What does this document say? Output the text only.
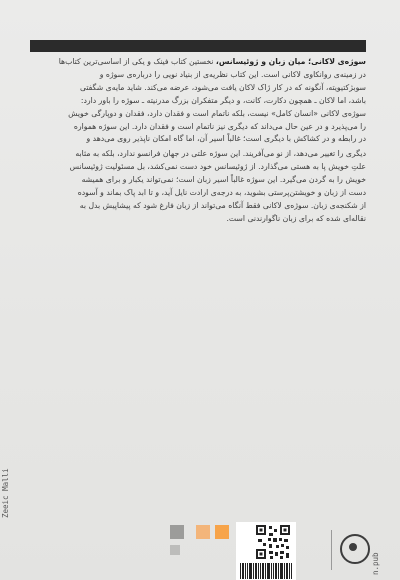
سوژه‌ی لاکانی؛ میان زبان و ژوئیسانس، نخستین کتاب فینک و یکی از اساسی‌ترین کتاب‌ها
در زمینه‌ی روانکاوی لاکانی است. این کتاب نظریه‌ی از بنیاد نویی را درباره‌ی سوژه و
سوبژکتیویته، آنگونه که در کار ژاک لاکان یافت می‌شود، عرضه می‌کند. شاید مایه‌ی شگفتی
باشد، اما لاکان ـ همچون دکارت، کانت، و دیگر متفکران بزرگ مدرنیته ـ سوژه را باور دارد:
سوژه‌ی لاکانی «انسان کامل» نیست، بلکه ناتمام است و فقدان دارد، فقدان و دوپارگی خویش
را می‌پذیرد و در عین حال می‌داند که دیگری نیز ناتمام است و فقدان دارد. این سوژه همواره
در رابطه و در کشاکش با دیگری است؛ غالباً اسیر آن، اما گاه امکان ناپذیر روی می‌دهد و
دیگری را تغییر می‌دهد، از نو می‌آفریند. این سوژه علتی در جهان فرانسو ندارد، بلکه به مثابه
علتِ خویش پا به هستی می‌گذارد. از ژوئیسانس خود دست نمی‌کشد، بل مسئولیت ژوئیسانس
خویش را به گردن می‌گیرد. این سوژه غالباً اسیر زبان است؛ نمی‌تواند یکبار و برای همیشه
دست از زبان و خویشتن‌پرستی بشوید، به درجه‌ی ارادت نایل آید، و تا ابد پاک بماند و آسوده
از شکنجه‌ی زبان. سوژه‌ی لاکانی فقط آنگاه می‌تواند از زبان فارغ شود که پیشاپیش بدل به
نقاله‌ای شده که برای زبان ناگوارندنی است.
Zeeic Malli
n.pub
